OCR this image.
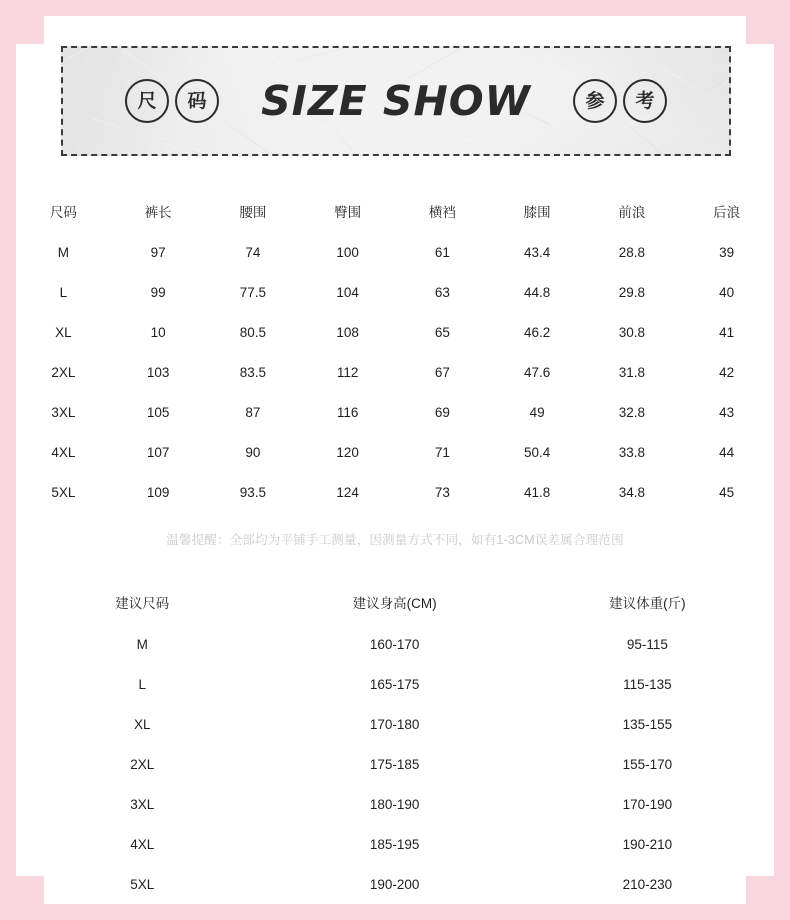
尺	码	SIZE SHOW	参	考
尺码	裤长	腰围	臀围	横裆	膝围	前浪	后浪
M	97	74	100	61	43.4	28.8	39
L	99	77.5	104	63	44.8	29.8	40
XL	10	80.5	108	65	46.2	30.8	41
2XL	103	83.5	112	67	47.6	31.8	42
3XL	105	87	116	69	49	32.8	43
4XL	107	90	120	71	50.4	33.8	44
5XL	109	93.5	124	73	41.8	34.8	45
温馨提醒：全部均为平铺手工测量，因测量方式不同，如有1-3CM误差属合理范围
建议尺码	建议身高(CM)	建议体重(斤)
M	160-170	95-115
L	165-175	115-135
XL	170-180	135-155
2XL	175-185	155-170
3XL	180-190	170-190
4XL	185-195	190-210
5XL	190-200	210-230
